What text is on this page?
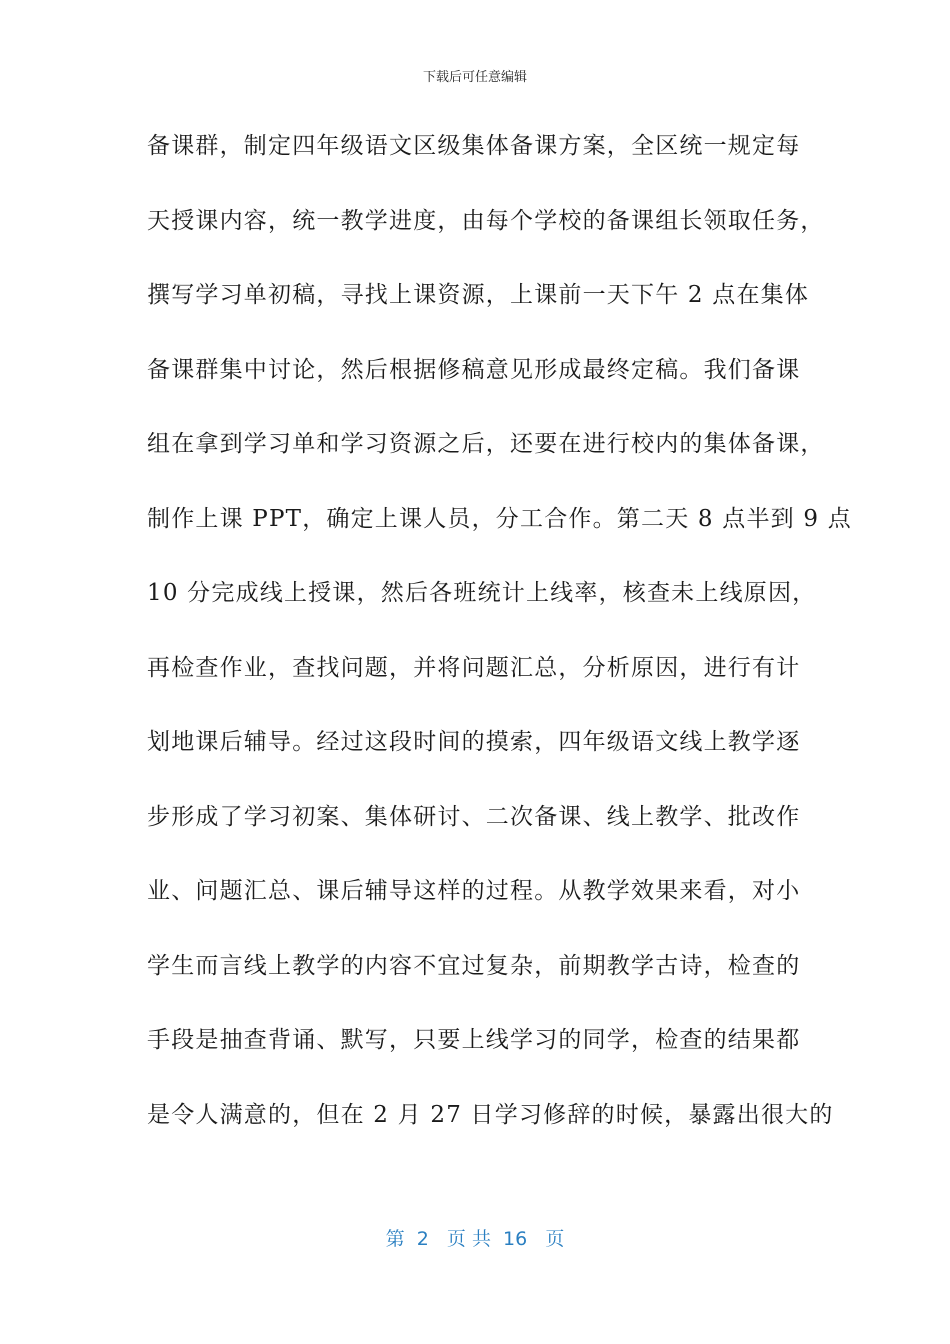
下载后可任意编辑
备课群，制定四年级语文区级集体备课方案，全区统一规定每
天授课内容，统一教学进度，由每个学校的备课组长领取任务，
撰写学习单初稿，寻找上课资源，上课前一天下午 2 点在集体
备课群集中讨论，然后根据修稿意见形成最终定稿。我们备课
组在拿到学习单和学习资源之后，还要在进行校内的集体备课，
制作上课 PPT，确定上课人员，分工合作。第二天 8 点半到 9 点
10 分完成线上授课，然后各班统计上线率，核查未上线原因，
再检查作业，查找问题，并将问题汇总，分析原因，进行有计
划地课后辅导。经过这段时间的摸索，四年级语文线上教学逐
步形成了学习初案、集体研讨、二次备课、线上教学、批改作
业、问题汇总、课后辅导这样的过程。从教学效果来看，对小
学生而言线上教学的内容不宜过复杂，前期教学古诗，检查的
手段是抽查背诵、默写，只要上线学习的同学，检查的结果都
是令人满意的，但在 2 月 27 日学习修辞的时候，暴露出很大的
第  2   页 共  16   页
